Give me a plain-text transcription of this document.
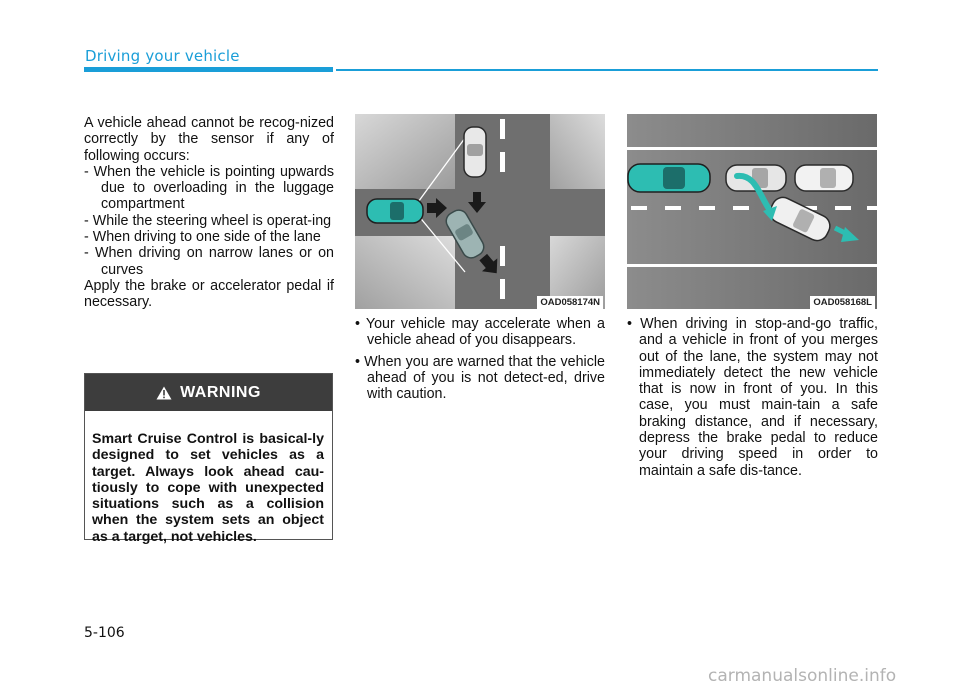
Driving your vehicle

A vehicle ahead cannot be recog-nized correctly by the sensor if any of following occurs:

- When the vehicle is pointing upwards due to overloading in the luggage compartment

- While the steering wheel is operat-ing

- When driving to one side of the lane

- When driving on narrow lanes or on curves

Apply the brake or accelerator pedal if necessary.

WARNING
Smart Cruise Control is basical-ly designed to set vehicles as a target. Always look ahead cau-tiously to cope with unexpected situations such as a collision when the system sets an object as a target, not vehicles.
OAD058174N	OAD058168L

• Your vehicle may accelerate when a vehicle ahead of you disappears.

• When you are warned that the vehicle ahead of you is not detect-ed, drive with caution.

• When driving in stop-and-go traffic, and a vehicle in front of you merges out of the lane, the system may not immediately detect the new vehicle that is now in front of you. In this case, you must main-tain a safe braking distance, and if necessary, depress the brake pedal to reduce your driving speed in order to maintain a safe dis-tance.

5-106
carmanualsonline.info
